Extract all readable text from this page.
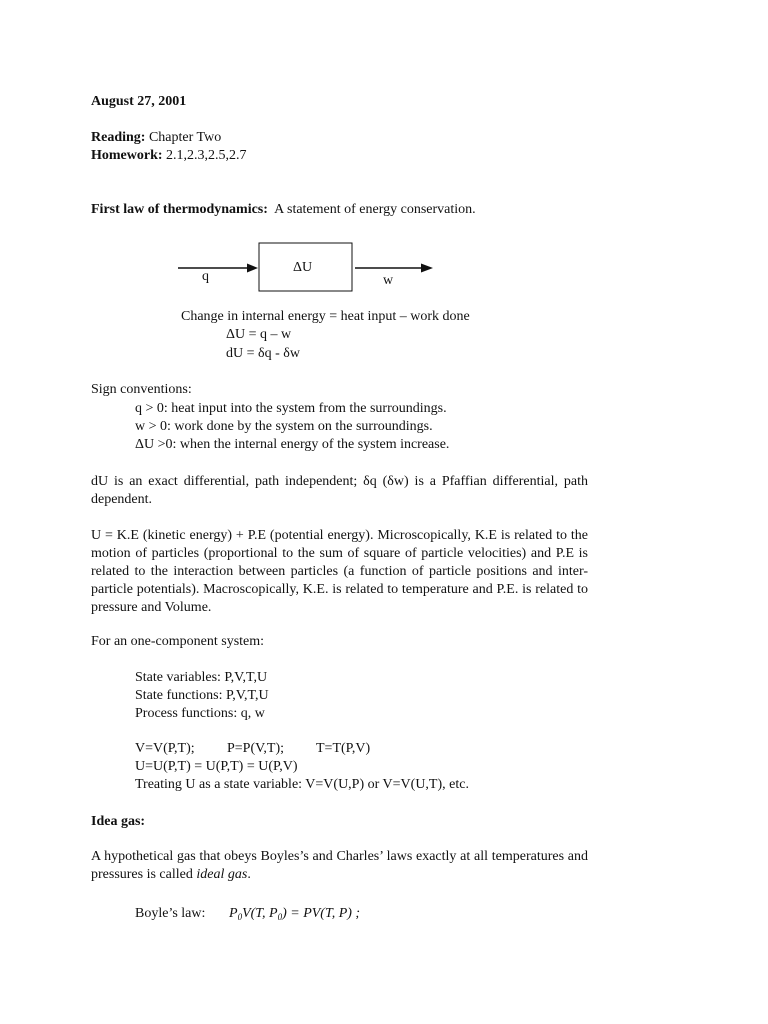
August 27, 2001
Reading: Chapter Two
Homework: 2.1,2.3,2.5,2.7
First law of thermodynamics: A statement of energy conservation.
ΔU
q	w
Change in internal energy = heat input – work done
ΔU = q – w
dU = δq - δw
Sign conventions:
q > 0: heat input into the system from the surroundings.
w > 0: work done by the system on the surroundings.
ΔU >0: when the internal energy of the system increase.
dU is an exact differential, path independent; δq (δw) is a Pfaffian differential, path dependent.
U = K.E (kinetic energy) + P.E (potential energy). Microscopically, K.E is related to the motion of particles (proportional to the sum of square of particle velocities) and P.E is related to the interaction between particles (a function of particle positions and inter-particle potentials). Macroscopically, K.E. is related to temperature and P.E. is related to pressure and Volume.
For an one-component system:
State variables: P,V,T,U
State functions: P,V,T,U
Process functions: q, w
V=V(P,T); P=P(V,T); T=T(P,V)
U=U(P,T) = U(P,T) = U(P,V)
Treating U as a state variable: V=V(U,P) or V=V(U,T), etc.
Idea gas:
A hypothetical gas that obeys Boyles’s and Charles’ laws exactly at all temperatures and pressures is called ideal gas.
Boyle’s law: $P_0V(T$, $P_0) = PV(T$, P) ;
